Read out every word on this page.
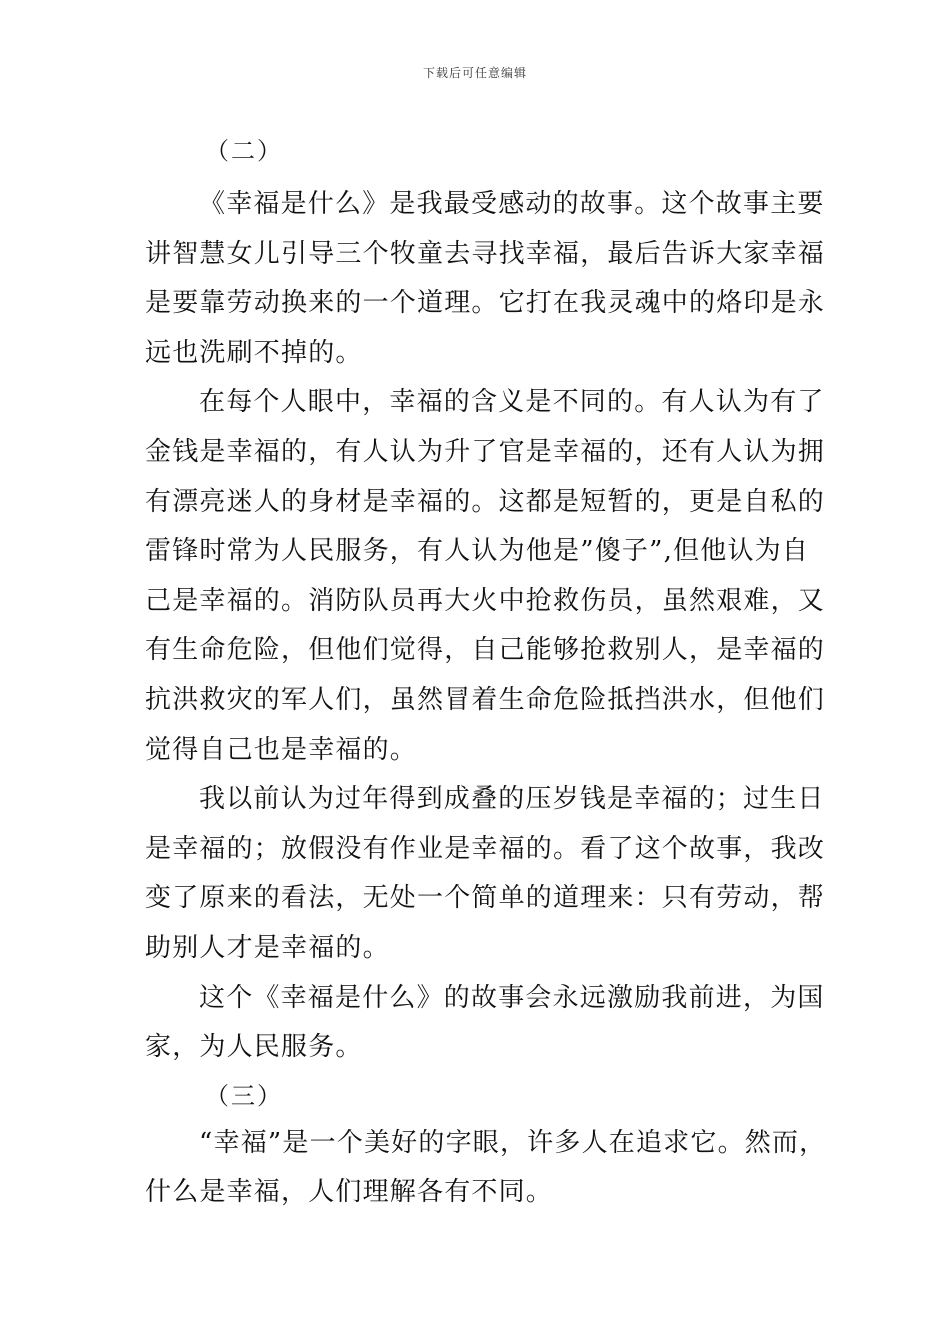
下载后可任意编辑
（二）
《幸福是什么》是我最受感动的故事。这个故事主要
讲智慧女儿引导三个牧童去寻找幸福，最后告诉大家幸福
是要靠劳动换来的一个道理。它打在我灵魂中的烙印是永
远也洗刷不掉的。
在每个人眼中，幸福的含义是不同的。有人认为有了
金钱是幸福的，有人认为升了官是幸福的，还有人认为拥
有漂亮迷人的身材是幸福的。这都是短暂的，更是自私的
雷锋时常为人民服务，有人认为他是”傻子”,但他认为自
己是幸福的。消防队员再大火中抢救伤员，虽然艰难，又
有生命危险，但他们觉得，自己能够抢救别人，是幸福的
抗洪救灾的军人们，虽然冒着生命危险抵挡洪水，但他们
觉得自己也是幸福的。
我以前认为过年得到成叠的压岁钱是幸福的；过生日
是幸福的；放假没有作业是幸福的。看了这个故事，我改
变了原来的看法，无处一个简单的道理来：只有劳动，帮
助别人才是幸福的。
这个《幸福是什么》的故事会永远激励我前进，为国
家，为人民服务。
（三）
“幸福”是一个美好的字眼，许多人在追求它。然而，
什么是幸福，人们理解各有不同。
